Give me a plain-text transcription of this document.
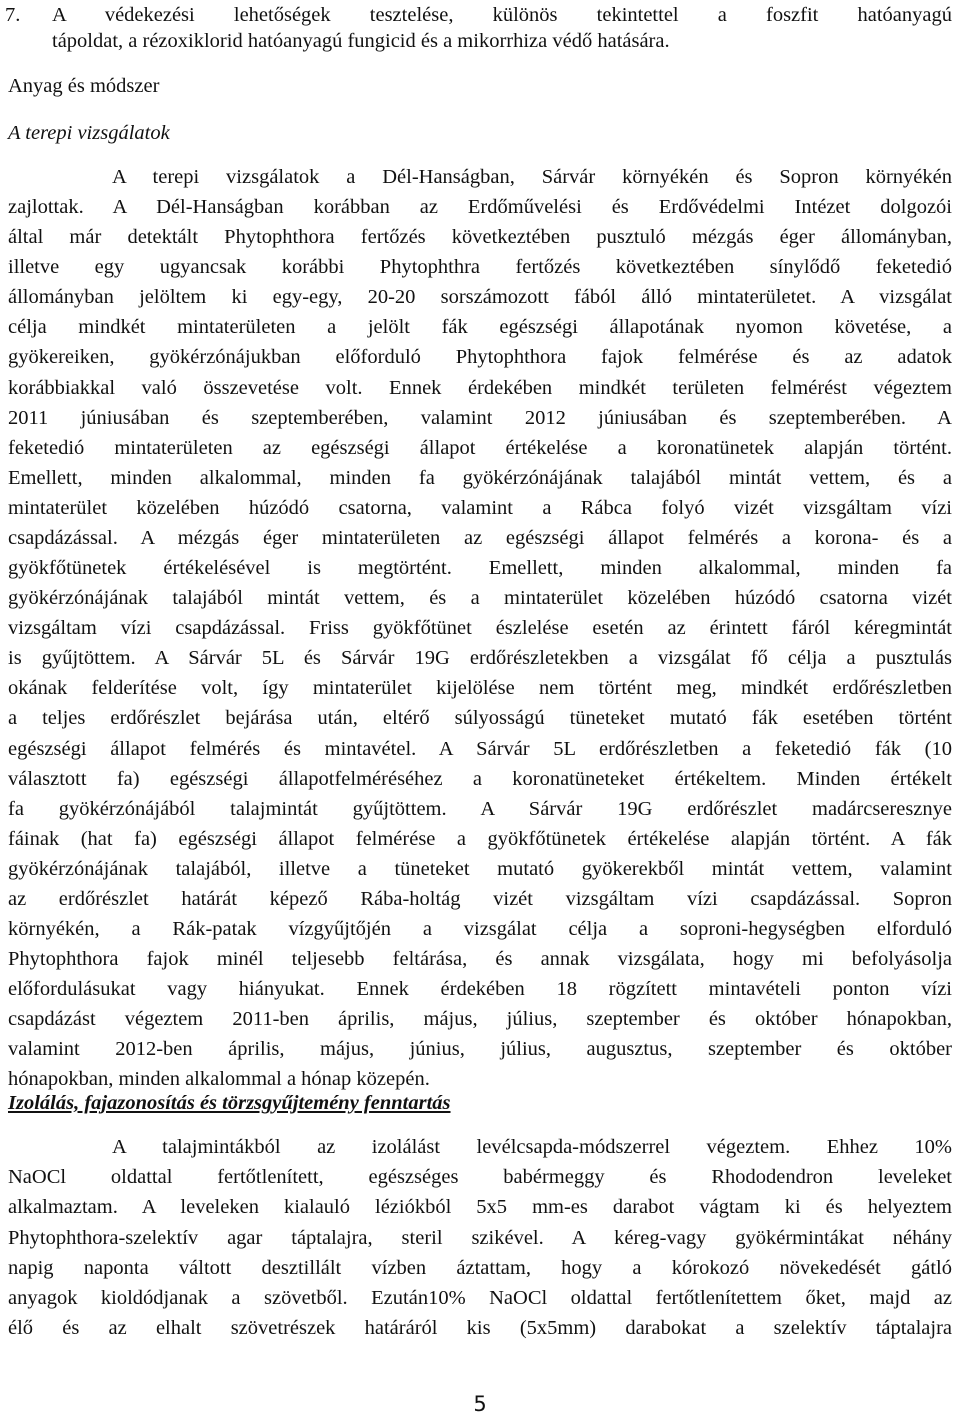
7. A védekezési lehetőségek tesztelése, különös tekintettel a foszfit hatóanyagú
tápoldat, a rézoxiklorid hatóanyagú fungicid és a mikorrhiza védő hatására.
Anyag és módszer
A terepi vizsgálatok
A terepi vizsgálatok a Dél-Hanságban, Sárvár környékén és Sopron környékén
zajlottak. A Dél-Hanságban korábban az Erdőművelési és Erdővédelmi Intézet dolgozói
által már detektált Phytophthora fertőzés következtében pusztuló mézgás éger állományban,
illetve egy ugyancsak korábbi Phytophthra fertőzés következtében sínylődő feketedió
állományban jelöltem ki egy-egy, 20-20 sorszámozott fából álló mintaterületet. A vizsgálat
célja mindkét mintaterületen a jelölt fák egészségi állapotának nyomon követése, a
gyökereiken, gyökérzónájukban előforduló Phytophthora fajok felmérése és az adatok
korábbiakkal való összevetése volt. Ennek érdekében mindkét területen felmérést végeztem
2011 júniusában és szeptemberében, valamint 2012 júniusában és szeptemberében. A
feketedió mintaterületen az egészségi állapot értékelése a koronatünetek alapján történt.
Emellett, minden alkalommal, minden fa gyökérzónájának talajából mintát vettem, és a
mintaterület közelében húzódó csatorna, valamint a Rábca folyó vizét vizsgáltam vízi
csapdázással. A mézgás éger mintaterületen az egészségi állapot felmérés a korona- és a
gyökfőtünetek értékelésével is megtörtént. Emellett, minden alkalommal, minden fa
gyökérzónájának talajából mintát vettem, és a mintaterület közelében húzódó csatorna vizét
vizsgáltam vízi csapdázással. Friss gyökfőtünet észlelése esetén az érintett fáról kéregmintát
is gyűjtöttem. A Sárvár 5L és Sárvár 19G erdőrészletekben a vizsgálat fő célja a pusztulás
okának felderítése volt, így mintaterület kijelölése nem történt meg, mindkét erdőrészletben
a teljes erdőrészlet bejárása után, eltérő súlyosságú tüneteket mutató fák esetében történt
egészségi állapot felmérés és mintavétel. A Sárvár 5L erdőrészletben a feketedió fák (10
választott fa) egészségi állapotfelméréséhez a koronatüneteket értékeltem. Minden értékelt
fa gyökérzónájából talajmintát gyűjtöttem. A Sárvár 19G erdőrészlet madárcseresznye
fáinak (hat fa) egészségi állapot felmérése a gyökfőtünetek értékelése alapján történt. A fák
gyökérzónájának talajából, illetve a tüneteket mutató gyökerekből mintát vettem, valamint
az erdőrészlet határát képező Rába-holtág vizét vizsgáltam vízi csapdázással. Sopron
környékén, a Rák-patak vízgyűjtőjén a vizsgálat célja a soproni-hegységben elforduló
Phytophthora fajok minél teljesebb feltárása, és annak vizsgálata, hogy mi befolyásolja
előfordulásukat vagy hiányukat. Ennek érdekében 18 rögzített mintavételi ponton vízi
csapdázást végeztem 2011-ben április, május, július, szeptember és október hónapokban,
valamint 2012-ben április, május, június, július, augusztus, szeptember és október
hónapokban, minden alkalommal a hónap közepén.
Izolálás, fajazonosítás és törzsgyűjtemény fenntartás
A talajmintákból az izolálást levélcsapda-módszerrel végeztem. Ehhez 10%
NaOCl oldattal fertőtlenített, egészséges babérmeggy és Rhododendron leveleket
alkalmaztam. A leveleken kialauló léziókból 5x5 mm-es darabot vágtam ki és helyeztem
Phytophthora-szelektív agar táptalajra, steril szikével. A kéreg-vagy gyökérmintákat néhány
napig naponta váltott desztillált vízben áztattam, hogy a kórokozó növekedését gátló
anyagok kioldódjanak a szövetből. Ezután10% NaOCl oldattal fertőtlenítettem őket, majd az
élő és az elhalt szövetrészek határáról kis (5x5mm) darabokat a szelektív táptalajra
5
